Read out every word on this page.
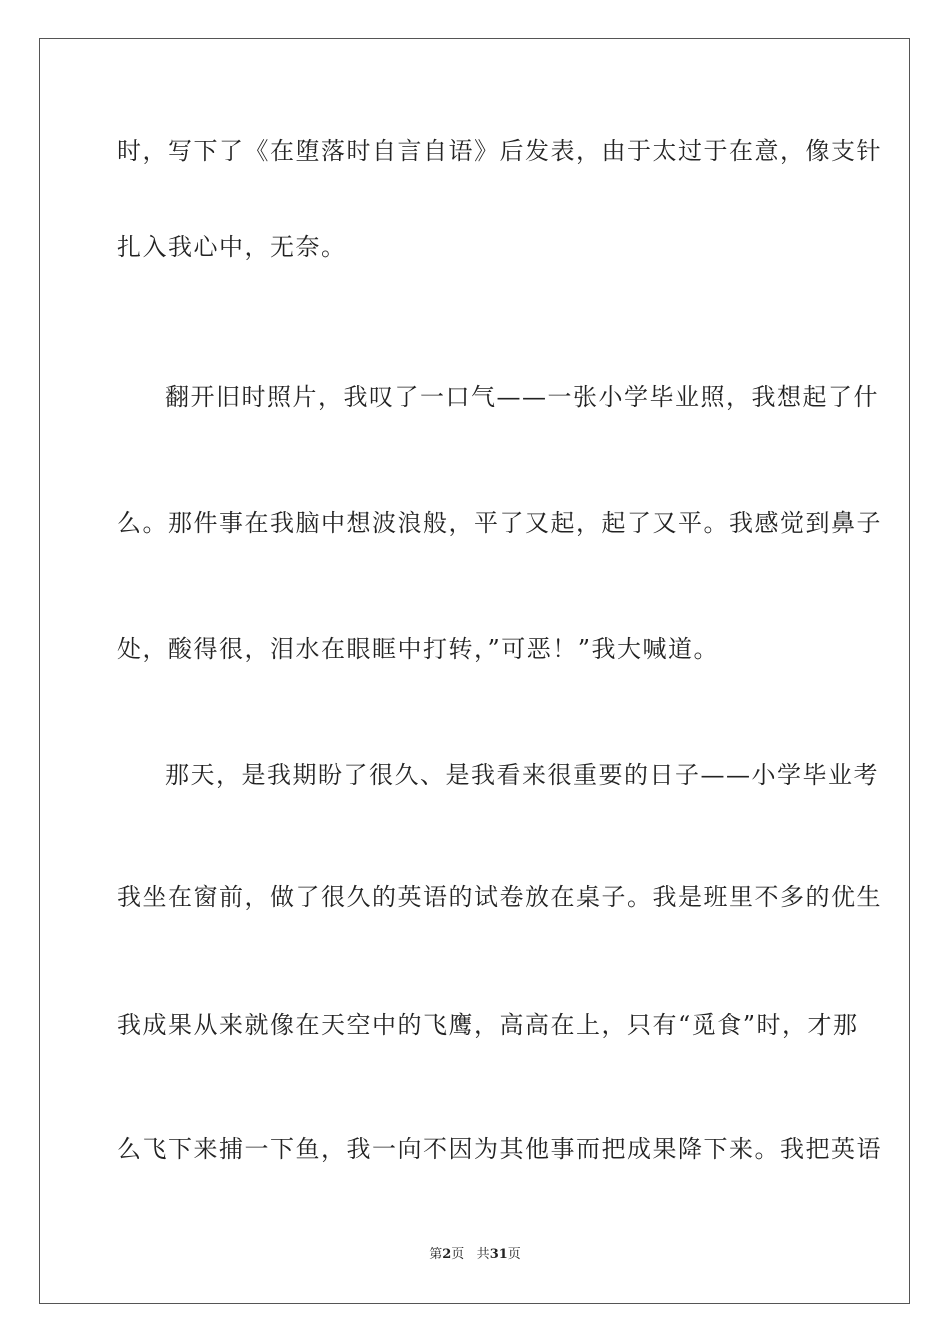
时，写下了《在堕落时自言自语》后发表，由于太过于在意，像支针
扎入我心中，无奈。
翻开旧时照片，我叹了一口气——一张小学毕业照，我想起了什
么。那件事在我脑中想波浪般，平了又起，起了又平。我感觉到鼻子
处，酸得很，泪水在眼眶中打转，”可恶！”我大喊道。
那天，是我期盼了很久、是我看来很重要的日子——小学毕业考
我坐在窗前，做了很久的英语的试卷放在桌子。我是班里不多的优生
我成果从来就像在天空中的飞鹰，高高在上，只有“觅食”时，才那
么飞下来捕一下鱼，我一向不因为其他事而把成果降下来。我把英语
第2页 共31页
